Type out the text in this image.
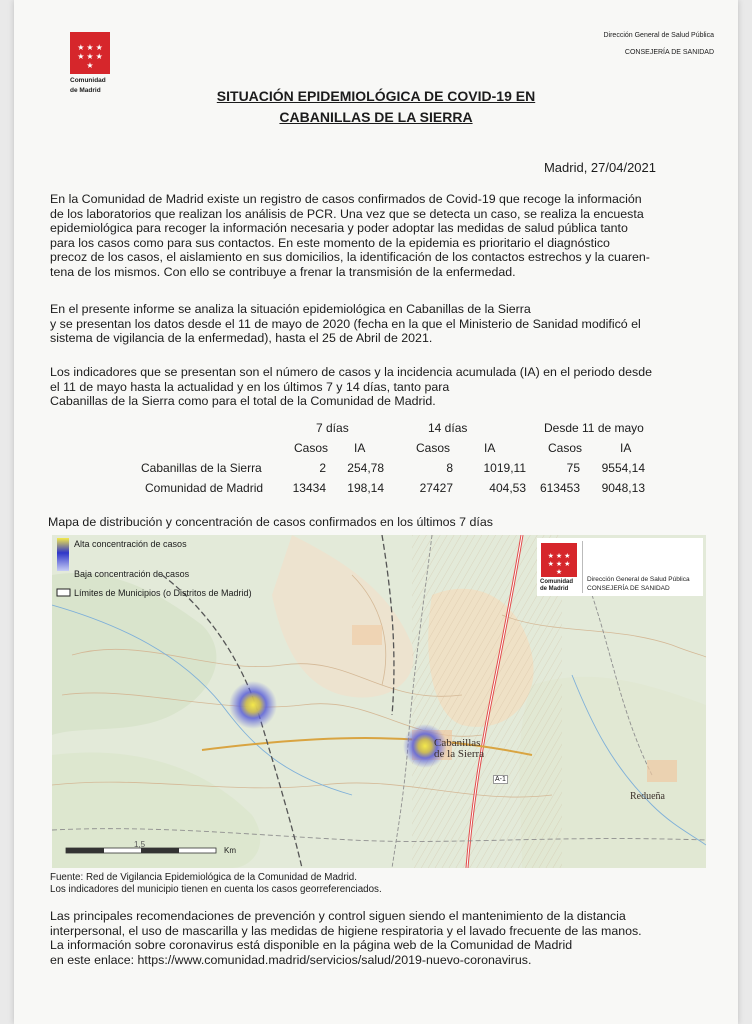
★ ★ ★
★ ★ ★
★
Comunidad
de Madrid
Dirección General de Salud Pública
CONSEJERÍA DE SANIDAD
SITUACIÓN EPIDEMIOLÓGICA DE COVID-19 EN
CABANILLAS DE LA SIERRA
Madrid, 27/04/2021
En la Comunidad de Madrid existe un registro de casos confirmados de Covid-19 que recoge la información
de los laboratorios que realizan los análisis de PCR. Una vez que se detecta un caso, se realiza la encuesta
epidemiológica para recoger la información necesaria y poder adoptar las medidas de salud pública tanto
para los casos como para sus contactos. En este momento de la epidemia es prioritario el diagnóstico
precoz de los casos, el aislamiento en sus domicilios, la identificación de los contactos estrechos y la cuaren-
tena de los mismos. Con ello se contribuye a frenar la transmisión de la enfermedad.
En el presente informe se analiza la situación epidemiológica en Cabanillas de la Sierra
y se presentan los datos desde el 11 de mayo de 2020 (fecha en la que el Ministerio de Sanidad modificó el
sistema de vigilancia de la enfermedad), hasta el 25 de Abril de 2021.
Los indicadores que se presentan son el número de casos y la incidencia acumulada (IA) en el periodo desde
el 11 de mayo hasta la actualidad y en los últimos 7 y 14 días, tanto para
Cabanillas de la Sierra como para el total de la Comunidad de Madrid.
7 días	14 días	Desde 11 de mayo
Casos IA	Casos	IA	Casos	IA
Cabanillas de la Sierra	2 254,78	8	1019,11	75 9554,14
Comunidad de Madrid 13434 198,14	27427	404,53 613453 9048,13
Mapa de distribución y concentración de casos confirmados en los últimos 7 días
Alta concentración de casos
Baja concentración de casos
Límites de Municipios (o Distritos de Madrid)
★ ★ ★
★ ★ ★
★
Comunidad
de Madrid
Dirección General de Salud Pública
CONSEJERÍA DE SANIDAD
Cabanillas
de la Sierra
Redueña
A-1
1,5
Km
Fuente: Red de Vigilancia Epidemiológica de la Comunidad de Madrid.
Los indicadores del municipio tienen en cuenta los casos georreferenciados.
Las principales recomendaciones de prevención y control siguen siendo el mantenimiento de la distancia
interpersonal, el uso de mascarilla y las medidas de higiene respiratoria y el lavado frecuente de las manos.
La información sobre coronavirus está disponible en la página web de la Comunidad de Madrid
en este enlace: https://www.comunidad.madrid/servicios/salud/2019-nuevo-coronavirus.
